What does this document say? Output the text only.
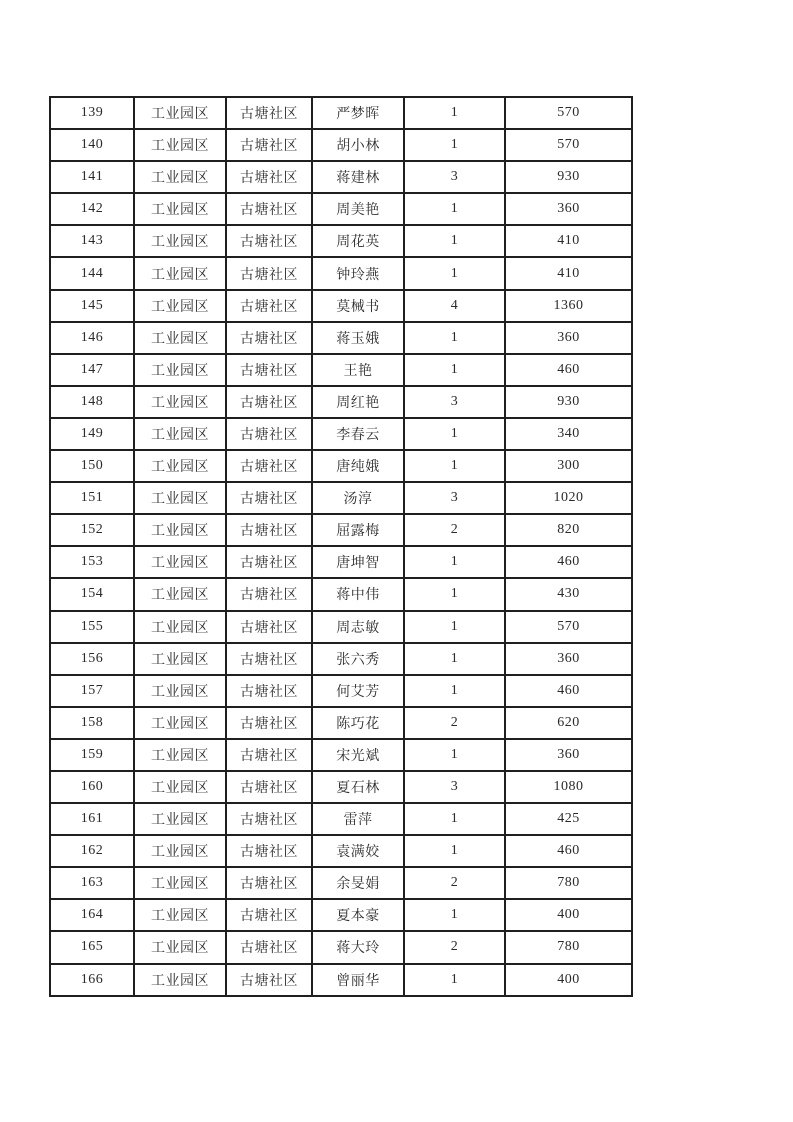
139	工业园区	古塘社区	严梦晖	1	570
140	工业园区	古塘社区	胡小林	1	570
141	工业园区	古塘社区	蒋建林	3	930
142	工业园区	古塘社区	周美艳	1	360
143	工业园区	古塘社区	周花英	1	410
144	工业园区	古塘社区	钟玲燕	1	410
145	工业园区	古塘社区	莫械书	4	1360
146	工业园区	古塘社区	蒋玉娥	1	360
147	工业园区	古塘社区	王艳	1	460
148	工业园区	古塘社区	周红艳	3	930
149	工业园区	古塘社区	李春云	1	340
150	工业园区	古塘社区	唐纯娥	1	300
151	工业园区	古塘社区	汤淳	3	1020
152	工业园区	古塘社区	屈露梅	2	820
153	工业园区	古塘社区	唐坤智	1	460
154	工业园区	古塘社区	蒋中伟	1	430
155	工业园区	古塘社区	周志敏	1	570
156	工业园区	古塘社区	张六秀	1	360
157	工业园区	古塘社区	何艾芳	1	460
158	工业园区	古塘社区	陈巧花	2	620
159	工业园区	古塘社区	宋光斌	1	360
160	工业园区	古塘社区	夏石林	3	1080
161	工业园区	古塘社区	雷萍	1	425
162	工业园区	古塘社区	袁满姣	1	460
163	工业园区	古塘社区	余旻娟	2	780
164	工业园区	古塘社区	夏本豪	1	400
165	工业园区	古塘社区	蒋大玲	2	780
166	工业园区	古塘社区	曾丽华	1	400
